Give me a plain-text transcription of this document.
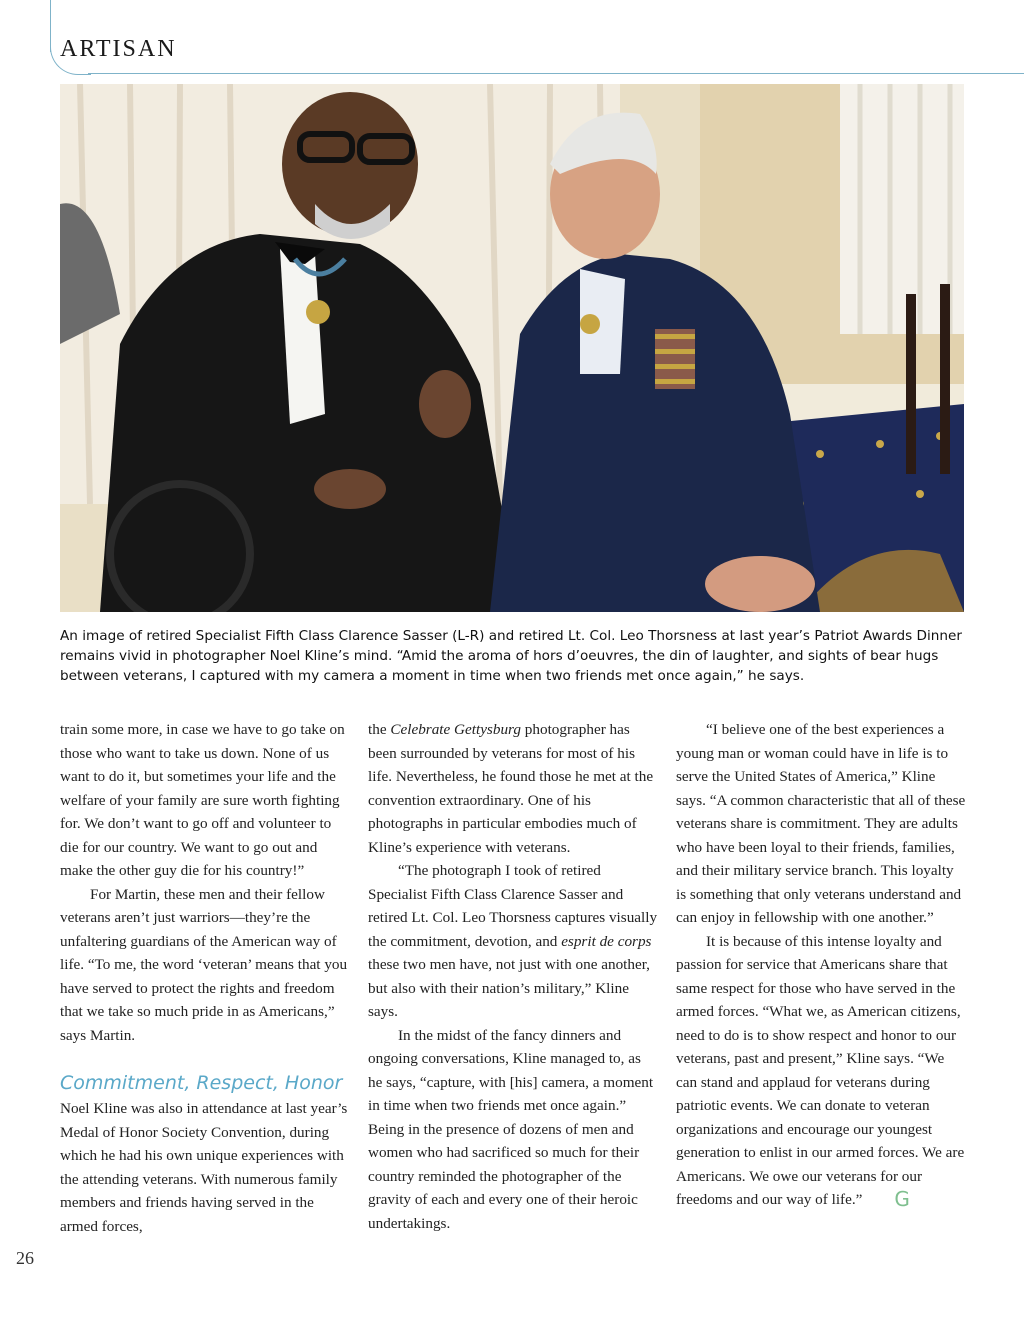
ARTISAN
An image of retired Specialist Fifth Class Clarence Sasser (L-R) and retired Lt. Col. Leo Thorsness at last year’s Patriot Awards Dinner remains vivid in photographer Noel Kline’s mind. “Amid the aroma of hors d’oeuvres, the din of laughter, and sights of bear hugs between veterans, I captured with my camera a moment in time when two friends met once again,” he says.

train some more, in case we have to go take on those who want to take us down. None of us want to do it, but sometimes your life and the welfare of your family are sure worth fighting for. We don’t want to go off and volunteer to die for our country. We want to go out and make the other guy die for his country!”

For Martin, these men and their fellow veterans aren’t just warriors—they’re the unfaltering guardians of the American way of life. “To me, the word ‘veteran’ means that you have served to protect the rights and freedom that we take so much pride in as Americans,” says Martin.

Commitment, Respect, Honor

Noel Kline was also in attendance at last year’s Medal of Honor Society Convention, during which he had his own unique experiences with the attending veterans. With numerous family members and friends having served in the armed forces,

the Celebrate Gettysburg photographer has been surrounded by veterans for most of his life. Nevertheless, he found those he met at the convention extraordinary. One of his photographs in particular embodies much of Kline’s experience with veterans.

“The photograph I took of retired Specialist Fifth Class Clarence Sasser and retired Lt. Col. Leo Thorsness captures visually the commitment, devotion, and esprit de corps these two men have, not just with one another, but also with their nation’s military,” Kline says.

In the midst of the fancy dinners and ongoing conversations, Kline managed to, as he says, “capture, with [his] camera, a moment in time when two friends met once again.” Being in the presence of dozens of men and women who had sacrificed so much for their country reminded the photographer of the gravity of each and every one of their heroic undertakings.

“I believe one of the best experiences a young man or woman could have in life is to serve the United States of America,” Kline says. “A common characteristic that all of these veterans share is commitment. They are adults who have been loyal to their friends, families, and their military service branch. This loyalty is something that only veterans understand and can enjoy in fellowship with one another.”

It is because of this intense loyalty and passion for service that Americans share that same respect for those who have served in the armed forces. “What we, as American citizens, need to do is to show respect and honor to our veterans, past and present,” Kline says. “We can stand and applaud for veterans during patriotic events. We can donate to veteran organizations and encourage our youngest generation to enlist in our armed forces. We are Americans. We owe our veterans for our freedoms and our way of life.” G

26
